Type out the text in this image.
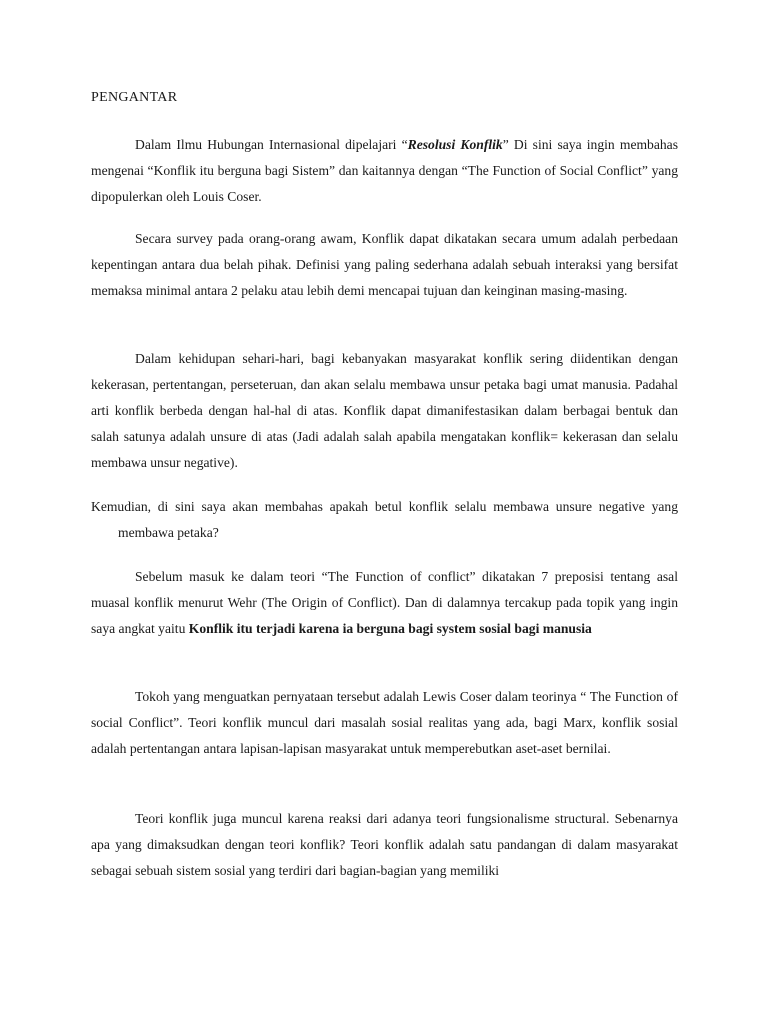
PENGANTAR

Dalam Ilmu Hubungan Internasional dipelajari “Resolusi Konflik” Di sini saya ingin membahas mengenai “Konflik itu berguna bagi Sistem” dan kaitannya dengan “The Function of Social Conflict” yang dipopulerkan oleh Louis Coser.

Secara survey pada orang-orang awam, Konflik dapat dikatakan secara umum adalah perbedaan kepentingan antara dua belah pihak. Definisi yang paling sederhana adalah sebuah interaksi yang bersifat memaksa minimal antara 2 pelaku atau lebih demi mencapai tujuan dan keinginan masing-masing.

Dalam kehidupan sehari-hari, bagi kebanyakan masyarakat konflik sering diidentikan dengan kekerasan, pertentangan, perseteruan, dan akan selalu membawa unsur petaka bagi umat manusia. Padahal arti konflik berbeda dengan hal-hal di atas. Konflik dapat dimanifestasikan dalam berbagai bentuk dan salah satunya adalah unsure di atas (Jadi adalah salah apabila mengatakan konflik= kekerasan dan selalu membawa unsur negative).

Kemudian, di sini saya akan membahas apakah betul konflik selalu membawa unsure negative yang membawa petaka?

Sebelum masuk ke dalam teori “The Function of conflict” dikatakan 7 preposisi tentang asal muasal konflik menurut Wehr (The Origin of Conflict). Dan di dalamnya tercakup pada topik yang ingin saya angkat yaitu Konflik itu terjadi karena ia berguna bagi system sosial bagi manusia

Tokoh yang menguatkan pernyataan tersebut adalah Lewis Coser dalam teorinya “ The Function of social Conflict”. Teori konflik muncul dari masalah sosial realitas yang ada, bagi Marx, konflik sosial adalah pertentangan antara lapisan-lapisan masyarakat untuk memperebutkan aset-aset bernilai.

Teori konflik juga muncul karena reaksi dari adanya teori fungsionalisme structural. Sebenarnya apa yang dimaksudkan dengan teori konflik? Teori konflik adalah satu pandangan di dalam masyarakat sebagai sebuah sistem sosial yang terdiri dari bagian-bagian yang memiliki
